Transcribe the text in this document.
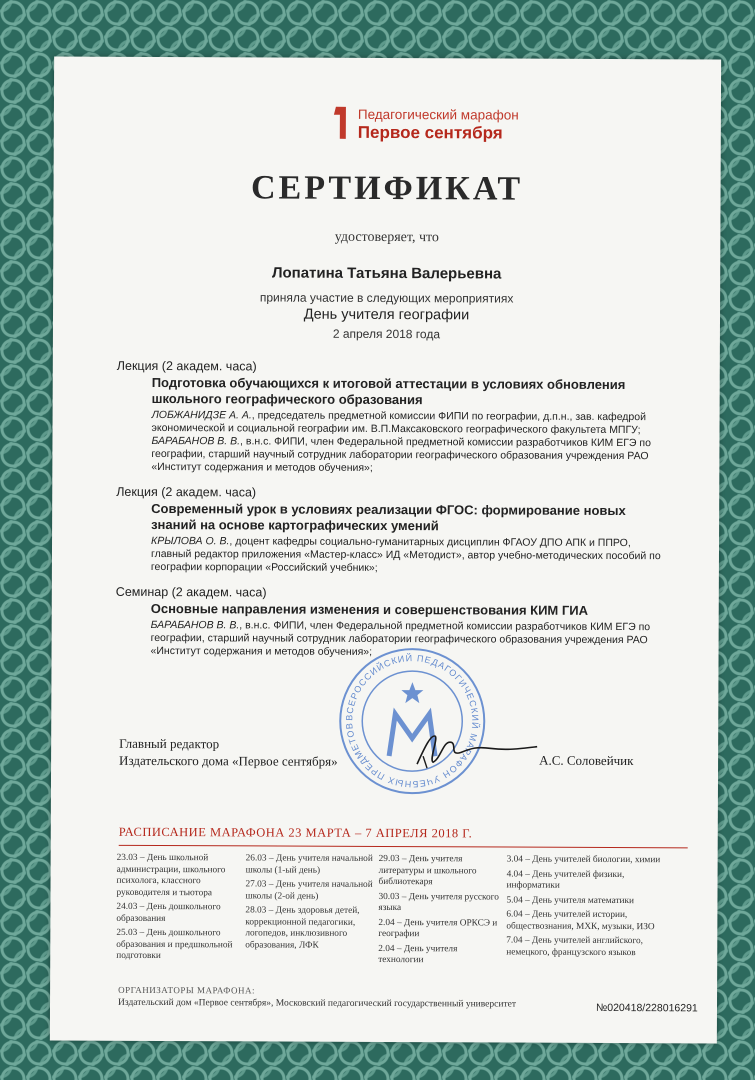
Педагогический марафон
Первое сентября
СЕРТИФИКАТ
удостоверяет, что
Лопатина Татьяна Валерьевна
приняла участие в следующих мероприятиях
День учителя географии
2 апреля 2018 года
Лекция (2 академ. часа)
Подготовка обучающихся к итоговой аттестации в условиях обновления
школьного географического образования
ЛОБЖАНИДЗЕ А. А., председатель предметной комиссии ФИПИ по географии, д.п.н., зав. кафедрой
экономической и социальной географии им. В.П.Максаковского географического факультета МПГУ;
БАРАБАНОВ В. В., в.н.с. ФИПИ, член Федеральной предметной комиссии разработчиков КИМ ЕГЭ по
географии, старший научный сотрудник лаборатории географического образования учреждения РАО
«Институт содержания и методов обучения»;
Лекция (2 академ. часа)
Современный урок в условиях реализации ФГОС: формирование новых
знаний на основе картографических умений
КРЫЛОВА О. В., доцент кафедры социально-гуманитарных дисциплин ФГАОУ ДПО АПК и ППРО,
главный редактор приложения «Мастер-класс» ИД «Методист», автор учебно-методических пособий по
географии корпорации «Российский учебник»;
Семинар (2 академ. часа)
Основные направления изменения и совершенствования КИМ ГИА
БАРАБАНОВ В. В., в.н.с. ФИПИ, член Федеральной предметной комиссии разработчиков КИМ ЕГЭ по
географии, старший научный сотрудник лаборатории географического образования учреждения РАО
«Институт содержания и методов обучения»;
ВСЕРОССИЙСКИЙ ПЕДАГОГИЧЕСКИЙ МАРАФОН УЧЕБНЫХ ПРЕДМЕТОВ
Главный редактор
Издательского дома «Первое сентября»	А.С. Соловейчик
РАСПИСАНИЕ МАРАФОНА 23 МАРТА – 7 АПРЕЛЯ 2018 Г.
23.03 – День школьной администрации, школьного психолога, классного руководителя и тьютора
24.03 – День дошкольного образования
25.03 – День дошкольного образования и предшкольной подготовки
26.03 – День учителя начальной школы (1-ый день)
27.03 – День учителя начальной школы (2-ой день)
28.03 – День здоровья детей, коррекционной педагогики, логопедов, инклюзивного образования, ЛФК
29.03 – День учителя литературы и школьного библиотекаря
30.03 – День учителя русского языка
2.04 – День учителя ОРКСЭ и географии
2.04 – День учителя технологии
3.04 – День учителей биологии, химии
4.04 – День учителей физики, информатики
5.04 – День учителя математики
6.04 – День учителей истории, обществознания, МХК, музыки, ИЗО
7.04 – День учителей английского, немецкого, французского языков
ОРГАНИЗАТОРЫ МАРАФОНА:
Издательский дом «Первое сентября», Московский педагогический государственный университет	№020418/228016291
